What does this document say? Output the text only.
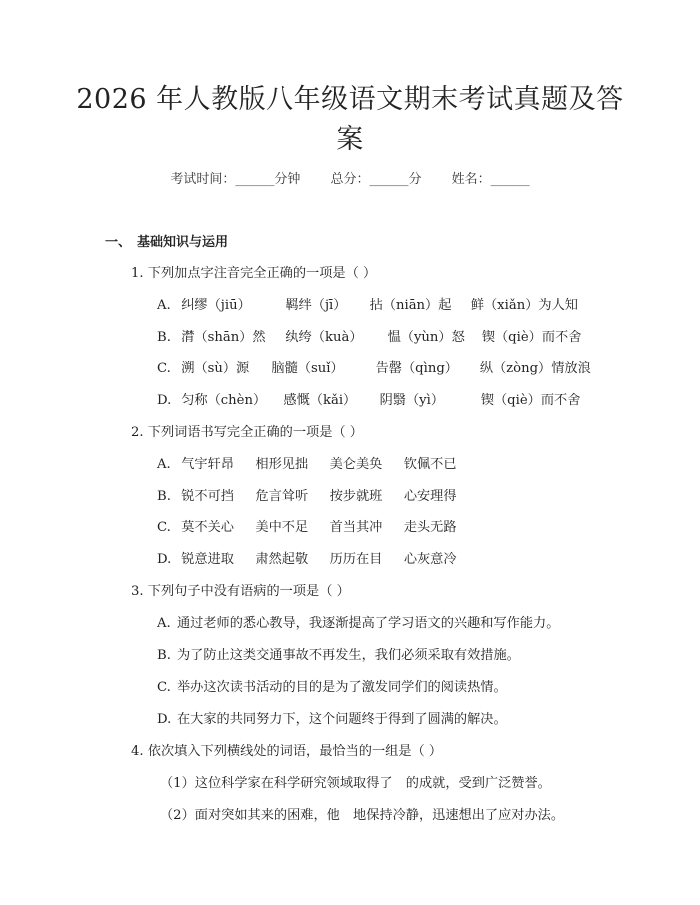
2026 年人教版八年级语文期末考试真题及答
案
考试时间：______分钟 总分：______分 姓名：______
一、 基础知识与运用
1. 下列加点字注音完全正确的一项是（ ）
A. 纠缪（jiū）	羁绊（jī） 拈（niān）起 鲜（xiǎn）为人知
B. 潸（shān）然 纨绔（kuà） 愠（yùn）怒 锲（qiè）而不舍
C. 溯（sù）源 脑髓（suǐ） 告罄（qìng） 纵（zòng）情放浪
D. 匀称（chèn） 感慨（kǎi） 阴翳（yì）	锲（qiè）而不舍
2. 下列词语书写完全正确的一项是（ ）
A. 气宇轩昂 相形见拙 美仑美奂 钦佩不已
B. 锐不可挡 危言耸听 按步就班 心安理得
C. 莫不关心 美中不足 首当其冲 走头无路
D. 锐意进取 肃然起敬 历历在目 心灰意冷
3. 下列句子中没有语病的一项是（ ）
A. 通过老师的悉心教导，我逐渐提高了学习语文的兴趣和写作能力。
B. 为了防止这类交通事故不再发生，我们必须采取有效措施。
C. 举办这次读书活动的目的是为了激发同学们的阅读热情。
D. 在大家的共同努力下，这个问题终于得到了圆满的解决。
4. 依次填入下列横线处的词语，最恰当的一组是（ ）
（1）这位科学家在科学研究领域取得了　的成就，受到广泛赞誉。
（2）面对突如其来的困难，他　地保持冷静，迅速想出了应对办法。
